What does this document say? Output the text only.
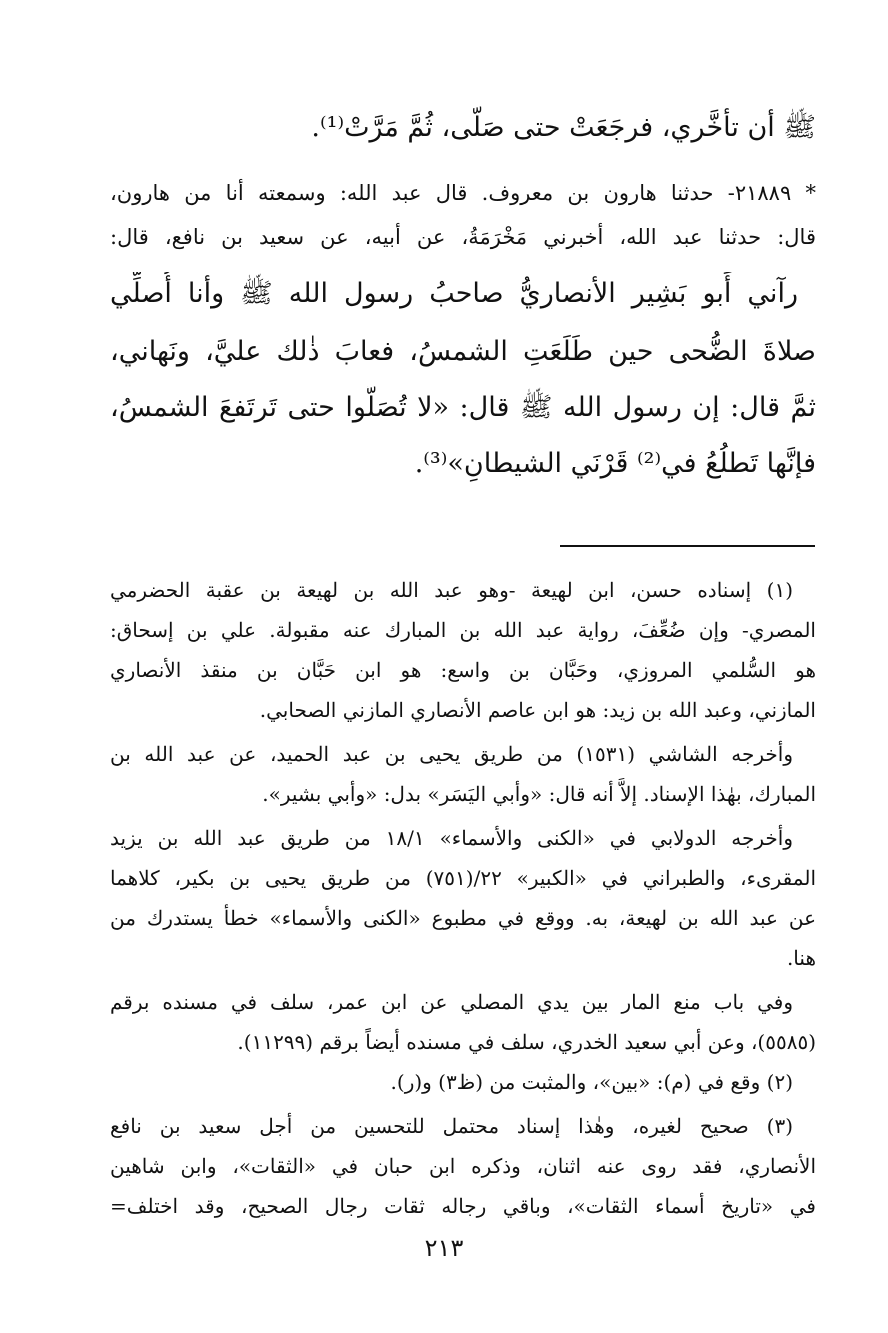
ﷺ أن تأخَّري، فرجَعَتْ حتى صَلَّى، ثُمَّ مَرَّتْ⁽¹⁾.
* ٢١٨٨٩- حدثنا هارون بن معروف. قال عبد الله: وسمعته أنا من هارون،
قال: حدثنا عبد الله، أخبرني مَخْرَمَةُ، عن أبيه، عن سعيد بن نافع، قال:
رآني أَبو بَشِير الأنصاريُّ صاحبُ رسول الله ﷺ وأنا أُصلِّي
صلاةَ الضُّحى حين طَلَعَتِ الشمسُ، فعابَ ذٰلك عليَّ، ونَهاني،
ثمَّ قال: إن رسول الله ﷺ قال: «لا تُصَلُّوا حتى تَرتَفعَ الشمسُ،
فإنَّها تَطلُعُ في⁽²⁾ قَرْنَي الشيطانِ»⁽³⁾.
(١) إسناده حسن، ابن لهيعة -وهو عبد الله بن لهيعة بن عقبة الحضرمي
المصري- وإن ضُعِّفَ، رواية عبد الله بن المبارك عنه مقبولة. علي بن إسحاق:
هو السُّلمي المروزي، وحَبَّان بن واسع: هو ابن حَبَّان بن منقذ الأنصاري
المازني، وعبد الله بن زيد: هو ابن عاصم الأنصاري المازني الصحابي.
وأخرجه الشاشي (١٥٣١) من طريق يحيى بن عبد الحميد، عن عبد الله بن
المبارك، بهٰذا الإسناد. إلاَّ أنه قال: «وأبي اليَسَر» بدل: «وأبي بشير».
وأخرجه الدولابي في «الكنى والأسماء» ١٨/١ من طريق عبد الله بن يزيد
المقرىء، والطبراني في «الكبير» ٢٢/(٧٥١) من طريق يحيى بن بكير، كلاهما
عن عبد الله بن لهيعة، به. ووقع في مطبوع «الكنى والأسماء» خطأ يستدرك من
هنا.
وفي باب منع المار بين يدي المصلي عن ابن عمر، سلف في مسنده برقم
(٥٥٨٥)، وعن أبي سعيد الخدري، سلف في مسنده أيضاً برقم (١١٢٩٩).
(٢) وقع في (م): «بين»، والمثبت من (ظ٣) و(ر).
(٣) صحيح لغيره، وهٰذا إسناد محتمل للتحسين من أجل سعيد بن نافع
الأنصاري، فقد روى عنه اثنان، وذكره ابن حبان في «الثقات»، وابن شاهين
في «تاريخ أسماء الثقات»، وباقي رجاله ثقات رجال الصحيح، وقد اختلف=
٢١٣
